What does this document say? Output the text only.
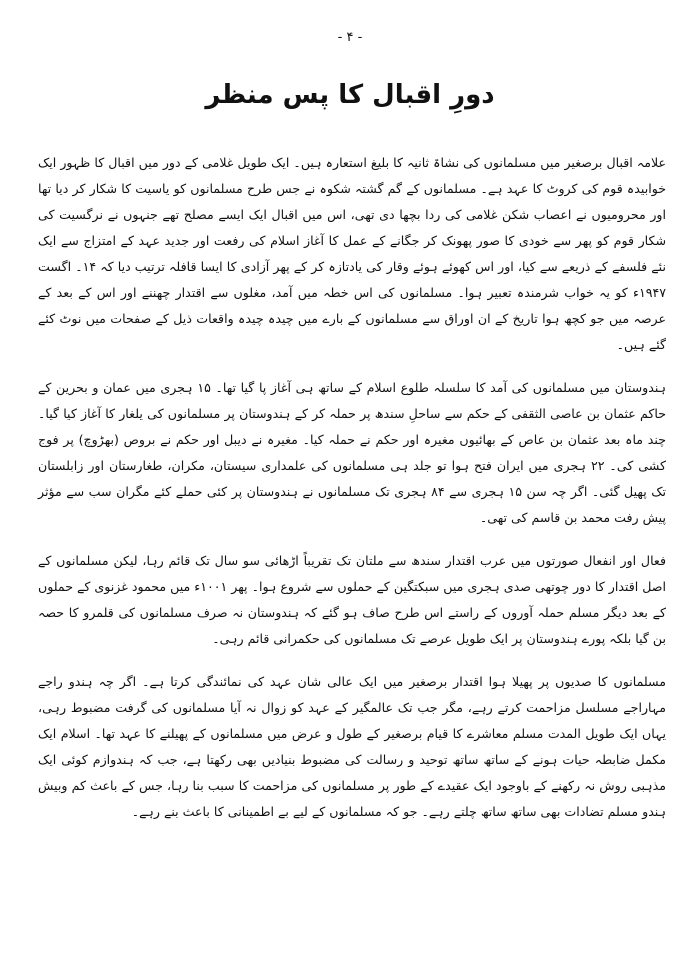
- ۴ -
دورِ اقبال کا پس منظر

علامہ اقبال برصغیر میں مسلمانوں کی نشاۃ ثانیہ کا بلیغ استعارہ ہیں۔ ایک طویل غلامی کے دور میں اقبال کا ظہور ایک خوابیدہ قوم کی کروٹ کا عہد ہے۔ مسلمانوں کے گم گشتہ شکوہ نے جس طرح مسلمانوں کو یاسیت کا شکار کر دیا تھا اور محرومیوں نے اعصاب شکن غلامی کی ردا بچھا دی تھی، اس میں اقبال ایک ایسے مصلح تھے جنہوں نے نرگسیت کی شکار قوم کو پھر سے خودی کا صور پھونک کر جگانے کے عمل کا آغاز اسلام کی رفعت اور جدید عہد کے امتزاج سے ایک نئے فلسفے کے ذریعے سے کیا، اور اس کھوئے ہوئے وقار کی یادتازہ کر کے پھر آزادی کا ایسا قافلہ ترتیب دیا کہ ۱۴۔ اگست ۱۹۴۷ء کو یہ خواب شرمندہ تعبیر ہوا۔ مسلمانوں کی اس خطہ میں آمد، مغلوں سے اقتدار چھننے اور اس کے بعد کے عرصہ میں جو کچھ ہوا تاریخ کے ان اوراق سے مسلمانوں کے بارے میں چیدہ چیدہ واقعات ذیل کے صفحات میں نوٹ کئے گئے ہیں۔

ہندوستان میں مسلمانوں کی آمد کا سلسلہ طلوع اسلام کے ساتھ ہی آغاز پا گیا تھا۔ ۱۵ ہجری میں عمان و بحرین کے حاکم عثمان بن عاصی الثقفی کے حکم سے ساحلِ سندھ پر حملہ کر کے ہندوستان پر مسلمانوں کی یلغار کا آغاز کیا گیا۔ چند ماہ بعد عثمان بن عاص کے بھائیوں مغیرہ اور حکم نے حملہ کیا۔ مغیرہ نے دیبل اور حکم نے بروص (بھڑوچ) پر فوج کشی کی۔ ۲۲ ہجری میں ایران فتح ہوا تو جلد ہی مسلمانوں کی علمداری سیستان، مکران، طغارستان اور زابلستان تک پھیل گئی۔ اگر چہ سن ۱۵ ہجری سے ۸۴ ہجری تک مسلمانوں نے ہندوستان پر کئی حملے کئے مگران سب سے مؤثر پیش رفت محمد بن قاسم کی تھی۔

فعال اور انفعال صورتوں میں عرب اقتدار سندھ سے ملتان تک تقریباً اڑھائی سو سال تک قائم رہا، لیکن مسلمانوں کے اصل اقتدار کا دور چوتھی صدی ہجری میں سبکتگین کے حملوں سے شروع ہوا۔ پھر ۱۰۰۱ء میں محمود غزنوی کے حملوں کے بعد دیگر مسلم حملہ آوروں کے راستے اس طرح صاف ہو گئے کہ ہندوستان نہ صرف مسلمانوں کی قلمرو کا حصہ بن گیا بلکہ پورے ہندوستان پر ایک طویل عرصے تک مسلمانوں کی حکمرانی قائم رہی۔

مسلمانوں کا صدیوں پر پھیلا ہوا اقتدار برصغیر میں ایک عالی شان عہد کی نمائندگی کرتا ہے۔ اگر چہ ہندو راجے مہاراجے مسلسل مزاحمت کرتے رہے، مگر جب تک عالمگیر کے عہد کو زوال نہ آیا مسلمانوں کی گرفت مضبوط رہی، یہاں ایک طویل المدت مسلم معاشرے کا قیام برصغیر کے طول و عرض میں مسلمانوں کے پھیلنے کا عہد تھا۔ اسلام ایک مکمل ضابطہ حیات ہونے کے ساتھ ساتھ توحید و رسالت کی مضبوط بنیادیں بھی رکھتا ہے، جب کہ ہندوازم کوئی ایک مذہبی روش نہ رکھنے کے باوجود ایک عقیدے کے طور پر مسلمانوں کی مزاحمت کا سبب بنا رہا، جس کے باعث کم وبیش ہندو مسلم تضادات بھی ساتھ ساتھ چلتے رہے۔ جو کہ مسلمانوں کے لیے بے اطمینانی کا باعث بنے رہے۔
